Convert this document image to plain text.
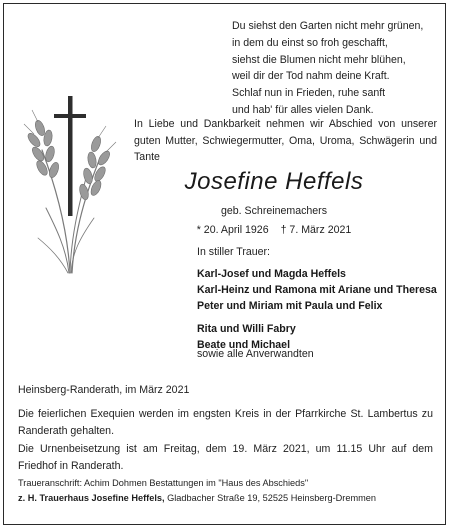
Du siehst den Garten nicht mehr grünen,
in dem du einst so froh geschafft,
siehst die Blumen nicht mehr blühen,
weil dir der Tod nahm deine Kraft.
Schlaf nun in Frieden, ruhe sanft
und hab' für alles vielen Dank.
In Liebe und Dankbarkeit nehmen wir Abschied von unserer guten Mutter, Schwiegermutter, Oma, Uroma, Schwägerin und Tante
Josefine Heffels
geb. Schreinemachers
* 20. April 1926 † 7. März 2021
In stiller Trauer:
Karl-Josef und Magda Heffels
Karl-Heinz und Ramona mit Ariane und Theresa
Peter und Miriam mit Paula und Felix
Rita und Willi Fabry
Beate und Michael
sowie alle Anverwandten
Heinsberg-Randerath, im März 2021
Die feierlichen Exequien werden im engsten Kreis in der Pfarrkirche St. Lambertus zu Randerath gehalten.
Die Urnenbeisetzung ist am Freitag, dem 19. März 2021, um 11.15 Uhr auf dem Friedhof in Randerath.
Traueranschrift: Achim Dohmen Bestattungen im "Haus des Abschieds"
z. H. Trauerhaus Josefine Heffels, Gladbacher Straße 19, 52525 Heinsberg-Dremmen
